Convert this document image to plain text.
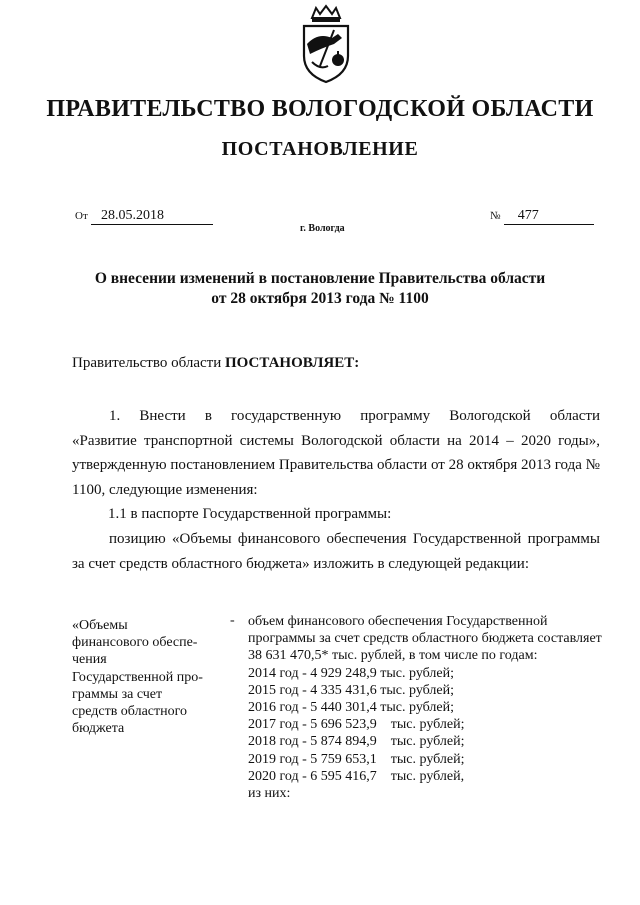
ПРАВИТЕЛЬСТВО ВОЛОГОДСКОЙ ОБЛАСТИ
ПОСТАНОВЛЕНИЕ
От 28.05.2018	№ 477
г. Вологда
О внесении изменений в постановление Правительства области
от 28 октября 2013 года № 1100
Правительство области ПОСТАНОВЛЯЕТ:

1. Внести в государственную программу Вологодской области

«Развитие транспортной системы Вологодской области на 2014 – 2020 годы», утвержденную постановлением Правительства области от 28 октября 2013 года № 1100, следующие изменения:

1.1 в паспорте Государственной программы:

позицию «Объемы финансового обеспечения Государственной программы за счет средств областного бюджета» изложить в следующей редакции:

«Объемы
финансового обеспе-
чения
Государственной про-
граммы за счет
средств областного
бюджета
- объем финансового обеспечения Государственной программы за счет средств областного бюджета составляет 38 631 470,5* тыс. рублей, в том числе по годам:

2014 год - 4 929 248,9 тыс. рублей;
2015 год - 4 335 431,6 тыс. рублей;
2016 год - 5 440 301,4 тыс. рублей;
2017 год - 5 696 523,9    тыс. рублей;
2018 год - 5 874 894,9    тыс. рублей;
2019 год - 5 759 653,1    тыс. рублей;
2020 год - 6 595 416,7    тыс. рублей,

из них:
